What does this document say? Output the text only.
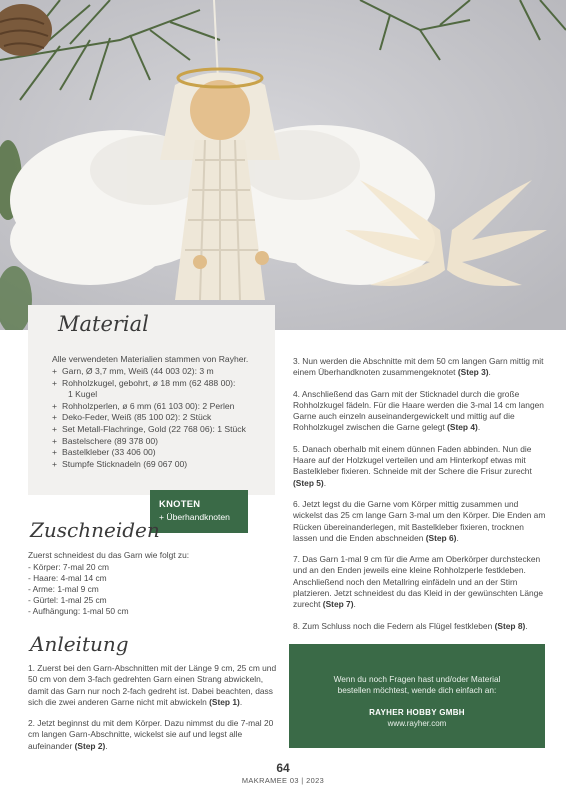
Material
Alle verwendeten Materialien stammen von Rayher.
+ Garn, Ø 3,7 mm, Weiß (44 003 02): 3 m
+ Rohholzkugel, gebohrt, ø 18 mm (62 488 00):
1 Kugel
+ Rohholzperlen, ø 6 mm (61 103 00): 2 Perlen
+ Deko-Feder, Weiß (85 100 02): 2 Stück
+ Set Metall-Flachringe, Gold (22 768 06): 1 Stück
+ Bastelschere (89 378 00)
+ Bastelkleber (33 406 00)
+ Stumpfe Sticknadeln (69 067 00)
KNOTEN
+ Überhandknoten
Zuschneiden
Zuerst schneidest du das Garn wie folgt zu:
- Körper: 7-mal 20 cm
- Haare: 4-mal 14 cm
- Arme: 1-mal 9 cm
- Gürtel: 1-mal 25 cm
- Aufhängung: 1-mal 50 cm
Anleitung

1. Zuerst bei den Garn-Abschnitten mit der Länge 9 cm, 25 cm und 50 cm von dem 3-fach gedrehten Garn einen Strang abwickeln, damit das Garn nur noch 2-fach gedreht ist. Dabei beachten, dass sich die zwei anderen Garne nicht mit abwickeln (Step 1).

2. Jetzt beginnst du mit dem Körper. Dazu nimmst du die 7-mal 20 cm langen Garn-Abschnitte, wickelst sie auf und legst alle aufeinander (Step 2).

3. Nun werden die Abschnitte mit dem 50 cm langen Garn mittig mit einem Überhandknoten zusammengeknotet (Step 3).

4. Anschließend das Garn mit der Sticknadel durch die große Rohholzkugel fädeln. Für die Haare werden die 3-mal 14 cm langen Garne auch einzeln auseinandergewickelt und mittig auf die Rohholzkugel zwischen die Garne gelegt (Step 4).

5. Danach oberhalb mit einem dünnen Faden abbinden. Nun die Haare auf der Holzkugel verteilen und am Hinterkopf etwas mit Bastelkleber fixieren. Schneide mit der Schere die Frisur zurecht (Step 5).

6. Jetzt legst du die Garne vom Körper mittig zusammen und wickelst das 25 cm lange Garn 3-mal um den Körper. Die Enden am Rücken übereinanderlegen, mit Bastelkleber fixieren, trocknen lassen und die Enden abschneiden (Step 6).

7. Das Garn 1-mal 9 cm für die Arme am Oberkörper durchstecken und an den Enden jeweils eine kleine Rohholzperle festkleben. Anschließend noch den Metallring einfädeln und an der Stirn platzieren. Jetzt schneidest du das Kleid in der gewünschten Länge zurecht (Step 7).

8. Zum Schluss noch die Federn als Flügel festkleben (Step 8).

Wenn du noch Fragen hast und/oder Material
bestellen möchtest, wende dich einfach an:
RAYHER HOBBY GMBH
www.rayher.com
64
MAKRAMEE 03 | 2023
